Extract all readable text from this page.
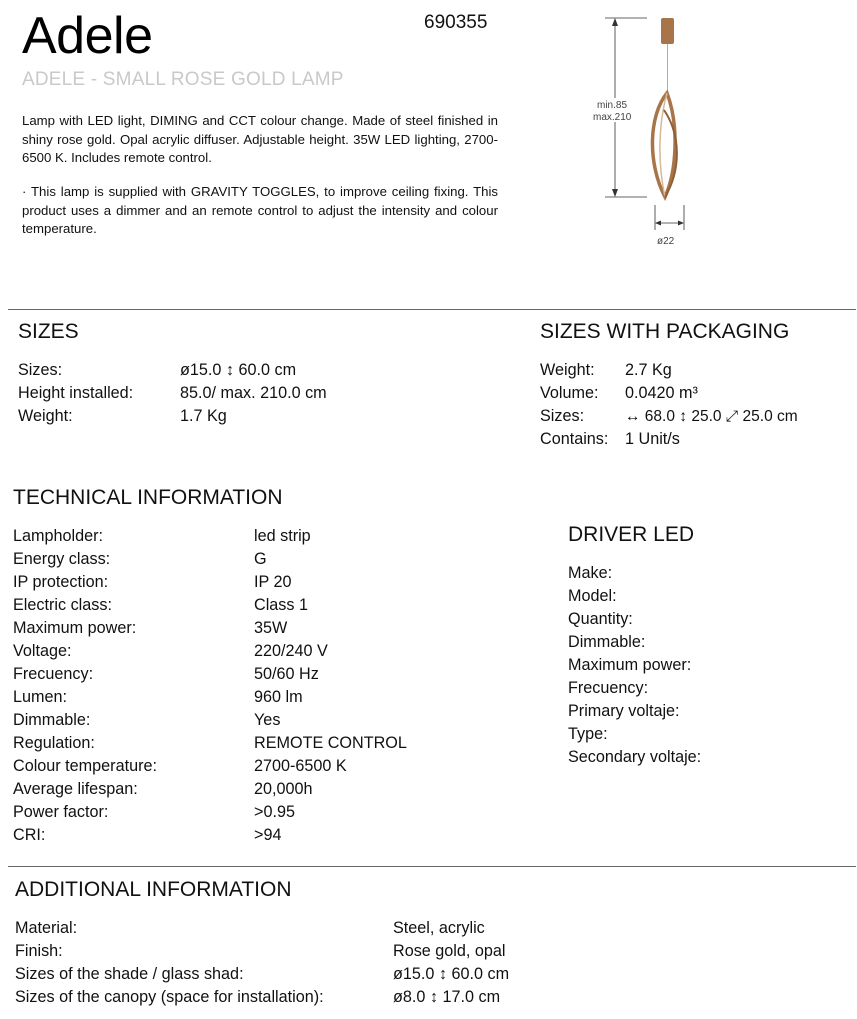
Adele	690355
ADELE - SMALL ROSE GOLD LAMP
Lamp with LED light, DIMING and CCT colour change. Made of steel finished in shiny rose gold. Opal acrylic diffuser. Adjustable height. 35W LED lighting, 2700-6500 K. Includes remote control.
· This lamp is supplied with GRAVITY TOGGLES, to improve ceiling fixing. This product uses a dimmer and an remote control to adjust the intensity and colour temperature.
min.85
max.210
ø22
SIZES
Sizes:	ø15.0 ↕ 60.0 cm
Height installed:	85.0/ max. 210.0 cm
Weight:	1.7 Kg
SIZES WITH PACKAGING
Weight: 2.7 Kg
Volume: 0.0420 m³
Sizes:	↔ 68.0 ↕ 25.0 ⤢ 25.0 cm
Contains: 1 Unit/s
TECHNICAL INFORMATION
Lampholder:	led strip
Energy class:	G
IP protection:	IP 20
Electric class:	Class 1
Maximum power:	35W
Voltage:	220/240 V
Frecuency:	50/60 Hz
Lumen:	960 lm
Dimmable:	Yes
Regulation:	REMOTE CONTROL
Colour temperature:	2700-6500 K
Average lifespan:	20,000h
Power factor:	>0.95
CRI:	>94
DRIVER LED
Make:
Model:
Quantity:
Dimmable:
Maximum power:
Frecuency:
Primary voltaje:
Type:
Secondary voltaje:
ADDITIONAL INFORMATION
Material:	Steel, acrylic
Finish:	Rose gold, opal
Sizes of the shade / glass shad:	ø15.0 ↕ 60.0 cm
Sizes of the canopy (space for installation):	ø8.0 ↕ 17.0 cm
